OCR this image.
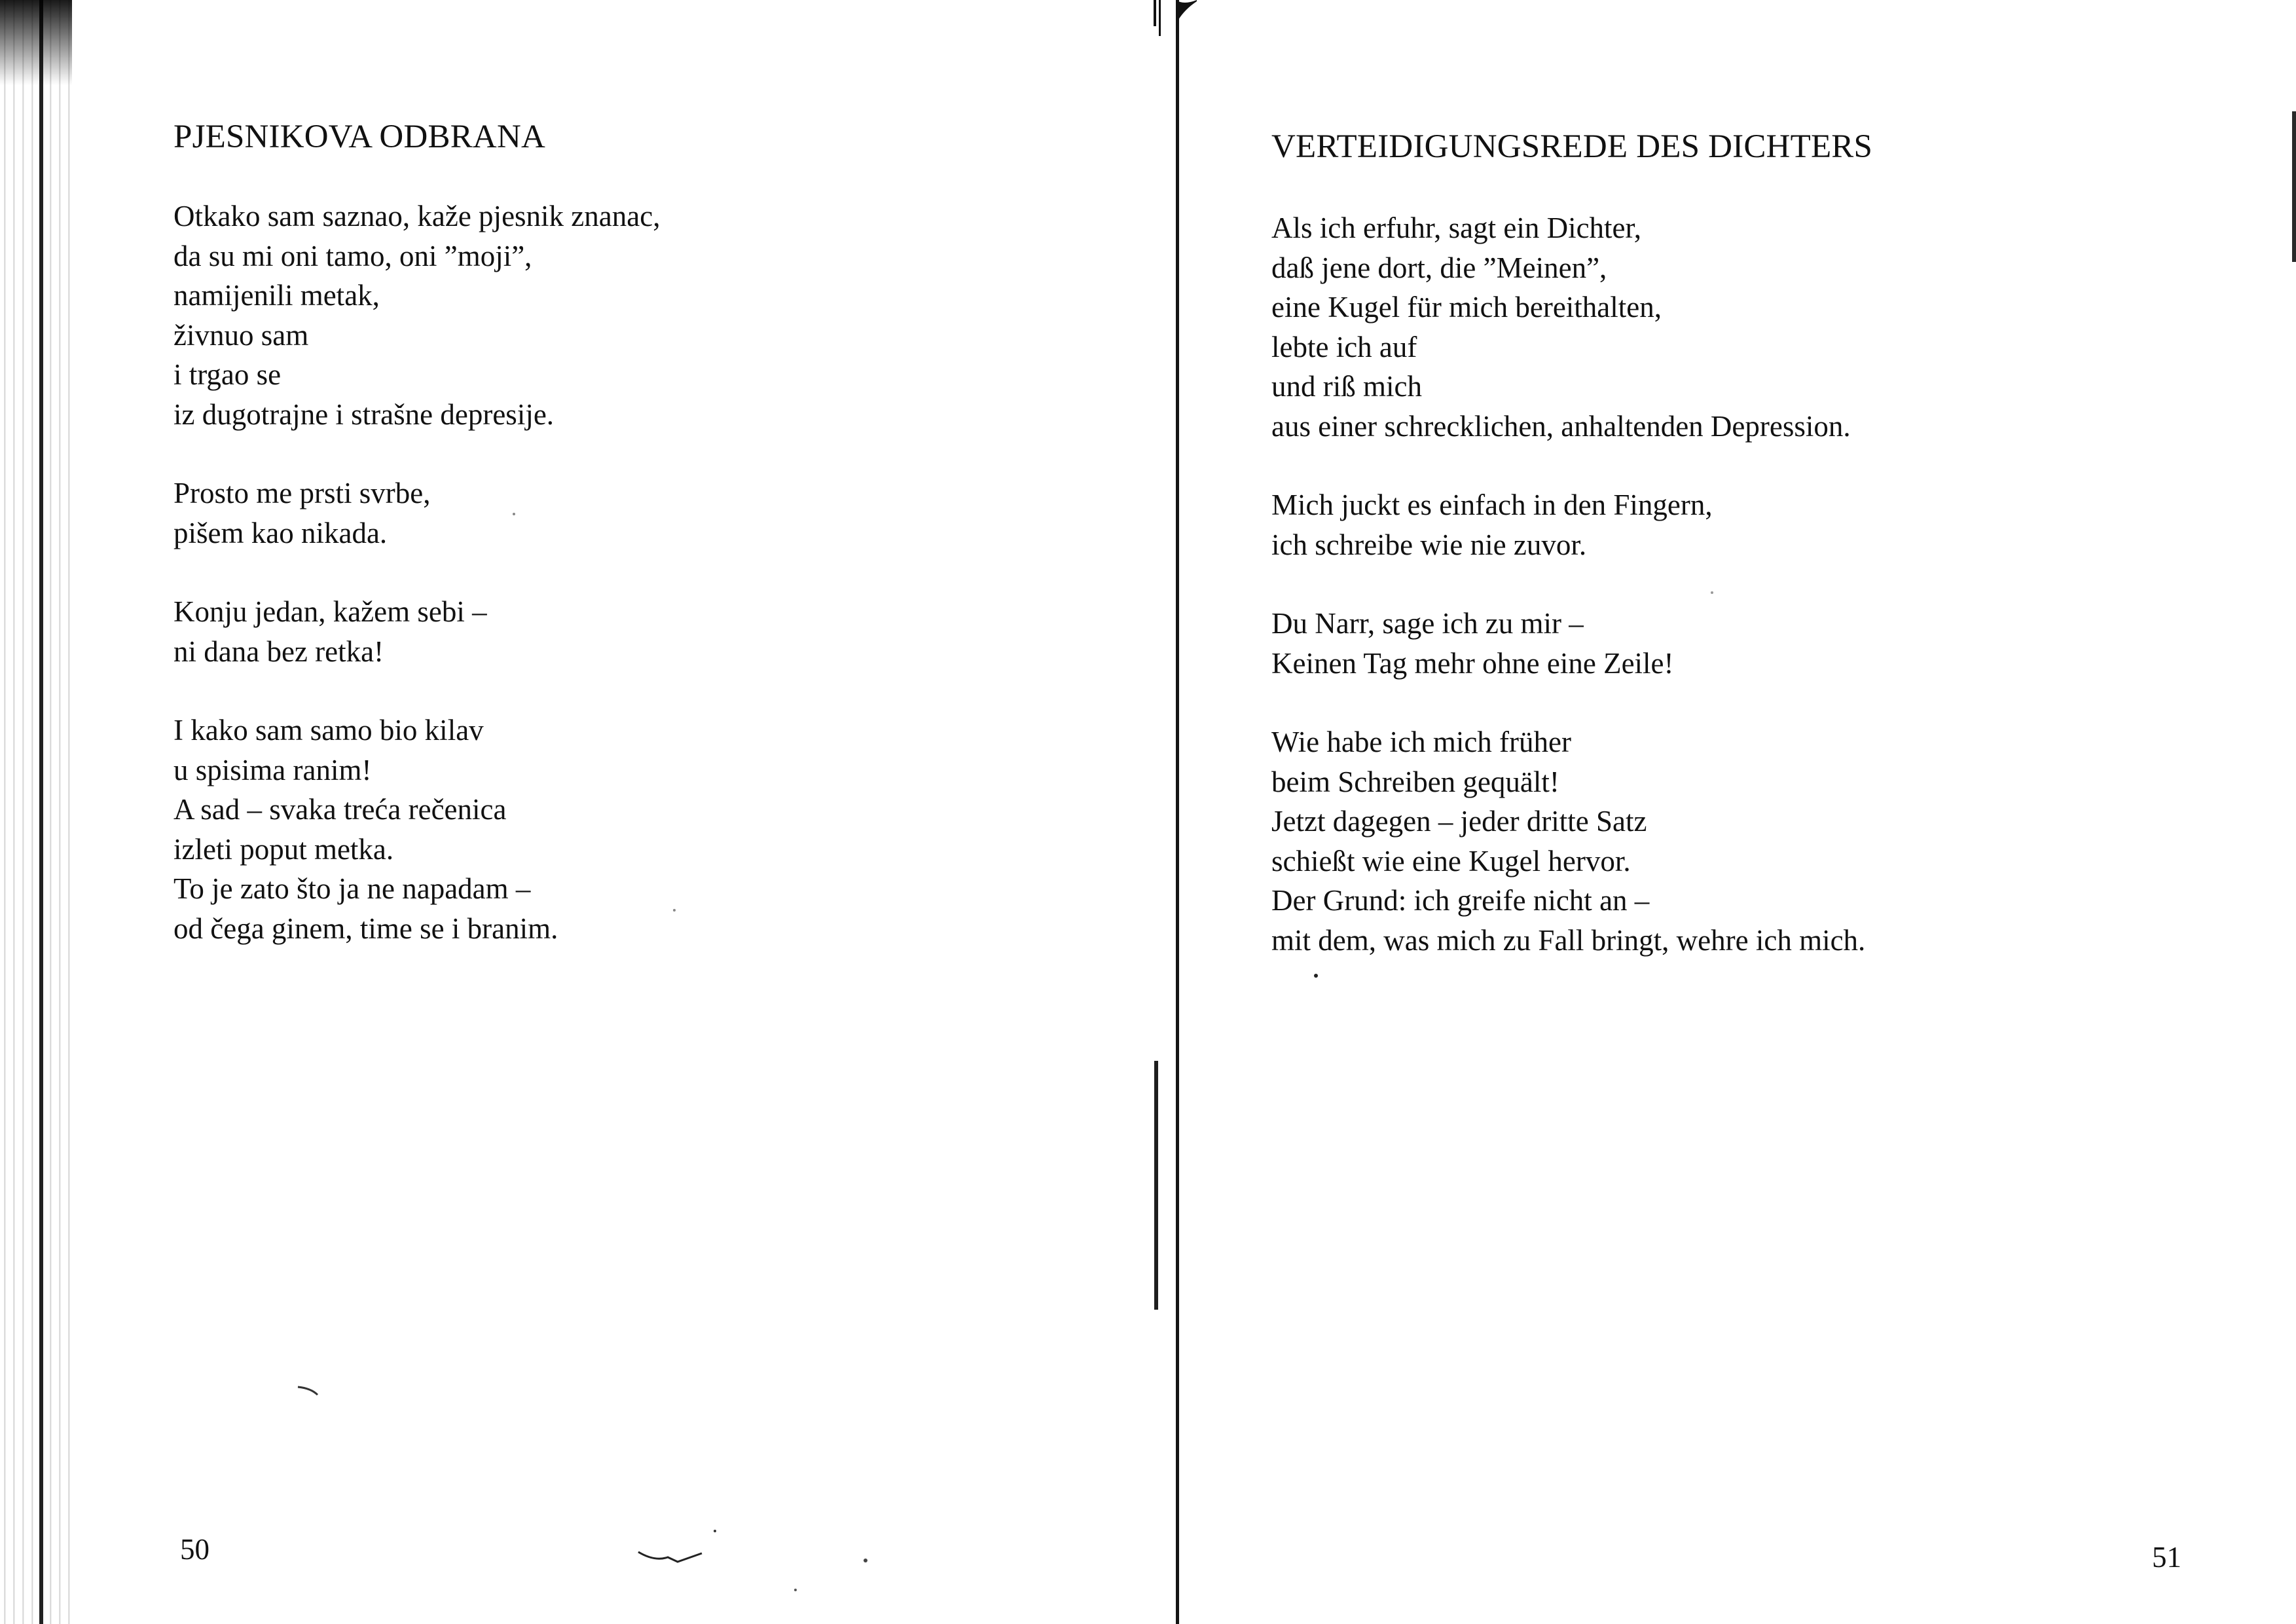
PJESNIKOVA ODBRANA
Otkako sam saznao, kaže pjesnik znanac,
da su mi oni tamo, oni ”moji”,
namijenili metak,
živnuo sam
i trgao se
iz dugotrajne i strašne depresije.
Prosto me prsti svrbe,
pišem kao nikada.
Konju jedan, kažem sebi –
ni dana bez retka!
I kako sam samo bio kilav
u spisima ranim!
A sad – svaka treća rečenica
izleti poput metka.
To je zato što ja ne napadam –
od čega ginem, time se i branim.

50

VERTEIDIGUNGSREDE DES DICHTERS
Als ich erfuhr, sagt ein Dichter,
daß jene dort, die ”Meinen”,
eine Kugel für mich bereithalten,
lebte ich auf
und riß mich
aus einer schrecklichen, anhaltenden Depression.
Mich juckt es einfach in den Fingern,
ich schreibe wie nie zuvor.
Du Narr, sage ich zu mir –
Keinen Tag mehr ohne eine Zeile!
Wie habe ich mich früher
beim Schreiben gequält!
Jetzt dagegen – jeder dritte Satz
schießt wie eine Kugel hervor.
Der Grund: ich greife nicht an –
mit dem, was mich zu Fall bringt, wehre ich mich.

51
